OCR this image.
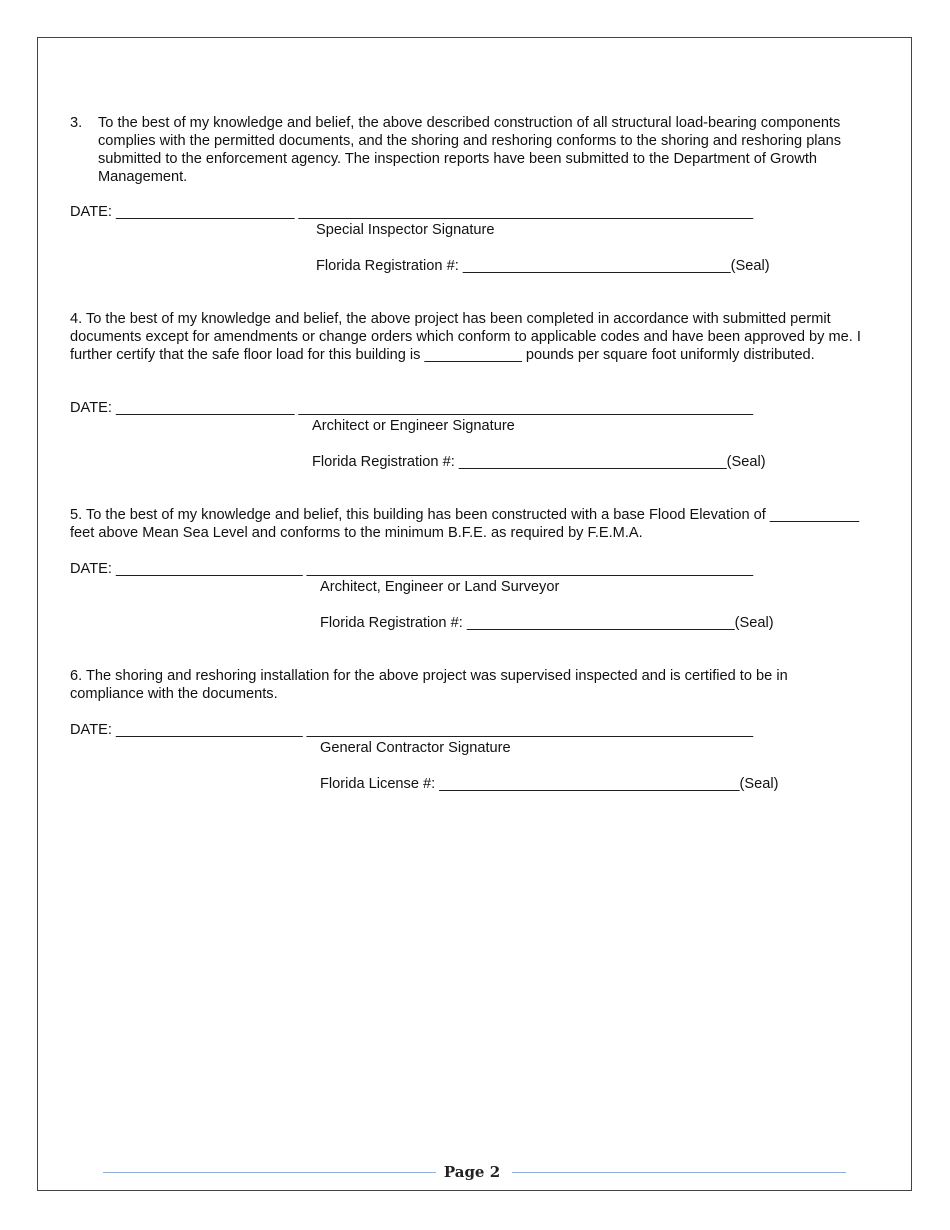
3. To the best of my knowledge and belief, the above described construction of all structural load-bearing components complies with the permitted documents, and the shoring and reshoring conforms to the shoring and reshoring plans submitted to the enforcement agency. The inspection reports have been submitted to the Department of Growth Management.

DATE: ______________________ ________________________________________________________
Special Inspector Signature
Florida Registration #: _________________________________(Seal)

4. To the best of my knowledge and belief, the above project has been completed in accordance with submitted permit documents except for amendments or change orders which conform to applicable codes and have been approved by me. I further certify that the safe floor load for this building is ____________ pounds per square foot uniformly distributed.

DATE: ______________________ ________________________________________________________
Architect or Engineer Signature
Florida Registration #: _________________________________(Seal)

5. To the best of my knowledge and belief, this building has been constructed with a base Flood Elevation of ___________ feet above Mean Sea Level and conforms to the minimum B.F.E. as required by F.E.M.A.

DATE: _______________________ _______________________________________________________
Architect, Engineer or Land Surveyor
Florida Registration #: _________________________________(Seal)

6. The shoring and reshoring installation for the above project was supervised inspected and is certified to be in compliance with the documents.

DATE: _______________________ _______________________________________________________
General Contractor Signature
Florida License #: _____________________________________(Seal)
Page 2
